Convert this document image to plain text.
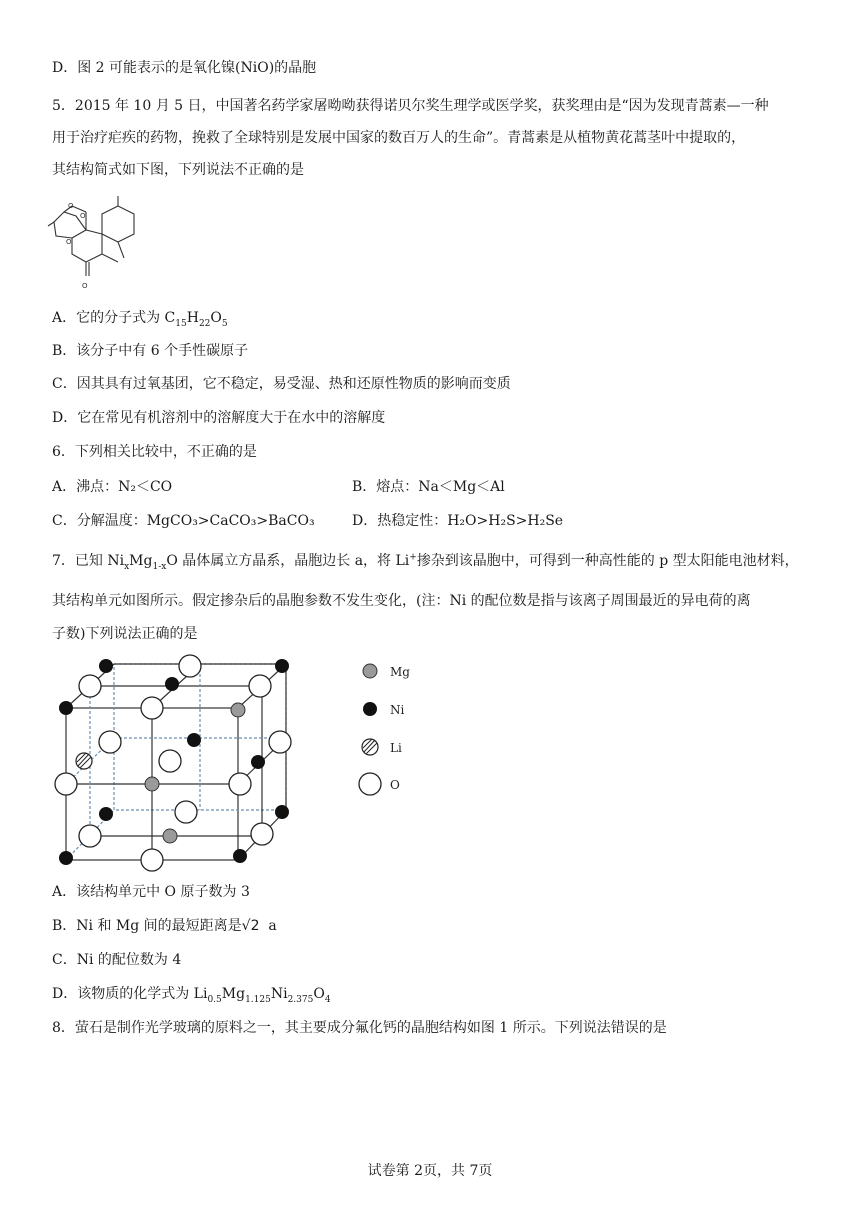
D．图 2 可能表示的是氧化镍(NiO)的晶胞
5．2015 年 10 月 5 日，中国著名药学家屠呦呦获得诺贝尔奖生理学或医学奖，获奖理由是“因为发现青蒿素—一种
用于治疗疟疾的药物，挽救了全球特别是发展中国家的数百万人的生命”。青蒿素是从植物黄花蒿茎叶中提取的，
其结构简式如下图，下列说法不正确的是
O
O
O
O
A．它的分子式为 $C_{15}H_{22}O_5$
B．该分子中有 6 个手性碳原子
C．因其具有过氧基团，它不稳定，易受湿、热和还原性物质的影响而变质
D．它在常见有机溶剂中的溶解度大于在水中的溶解度
6．下列相关比较中，不正确的是
A．沸点：N₂＜CO	B．熔点：Na＜Mg＜Al
C．分解温度：MgCO₃>CaCO₃>BaCO₃	D．热稳定性：H₂O>H₂S>H₂Se
7．已知 $Ni_xMg_{1-x}O$ 晶体属立方晶系，晶胞边长 a，将 Li+掺杂到该晶胞中，可得到一种高性能的 p 型太阳能电池材料，
其结构单元如图所示。假定掺杂后的晶胞参数不发生变化，(注：Ni 的配位数是指与该离子周围最近的异电荷的离
子数)下列说法正确的是
Mg
Ni
Li
O
A．该结构单元中 O 原子数为 3
B．Ni 和 Mg 间的最短距离是√2 a
C．Ni 的配位数为 4
D．该物质的化学式为 $Li_{0.5}Mg_{1.125}Ni_{2.375}O_4$
8．萤石是制作光学玻璃的原料之一，其主要成分氟化钙的晶胞结构如图 1 所示。下列说法错误的是
试卷第 2页，共 7页
